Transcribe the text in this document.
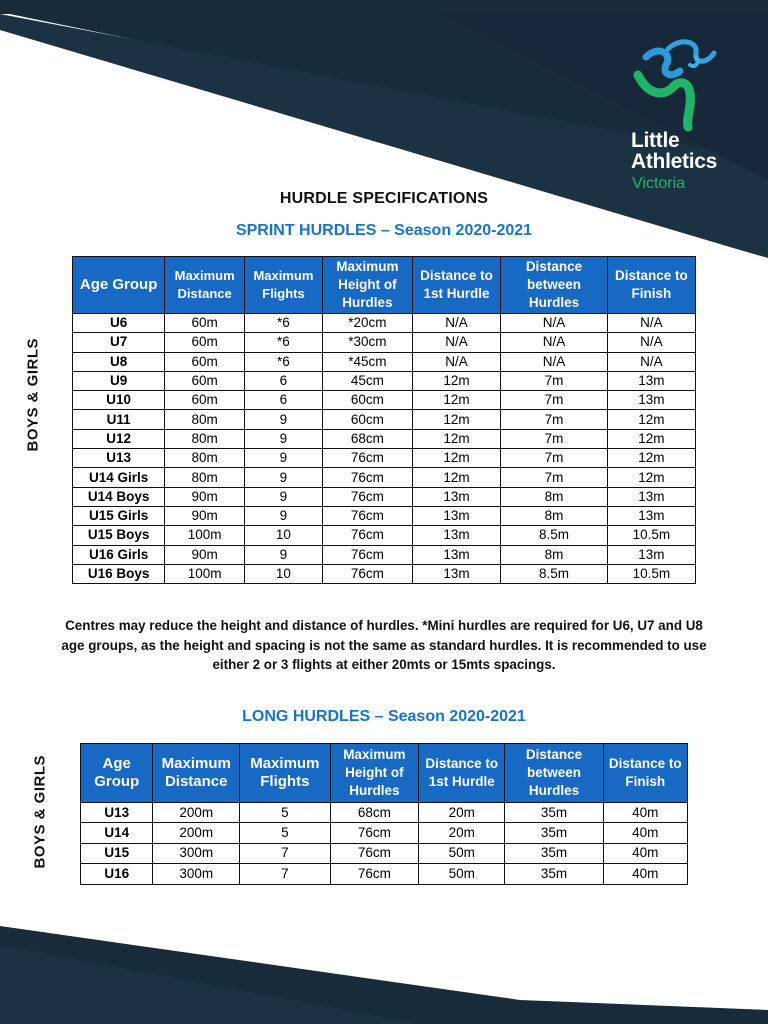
Little
Athletics
Victoria
HURDLE SPECIFICATIONS
SPRINT HURDLES – Season 2020-2021
BOYS & GIRLS
BOYS & GIRLS
Age Group	Maximum Distance	Maximum Flights	Maximum Height of Hurdles	Distance to 1st Hurdle	Distance between Hurdles	Distance to Finish
U6	60m	*6	*20cm	N/A	N/A	N/A
U7	60m	*6	*30cm	N/A	N/A	N/A
U8	60m	*6	*45cm	N/A	N/A	N/A
U9	60m	6	45cm	12m	7m	13m
U10	60m	6	60cm	12m	7m	13m
U11	80m	9	60cm	12m	7m	12m
U12	80m	9	68cm	12m	7m	12m
U13	80m	9	76cm	12m	7m	12m
U14 Girls	80m	9	76cm	12m	7m	12m
U14 Boys	90m	9	76cm	13m	8m	13m
U15 Girls	90m	9	76cm	13m	8m	13m
U15 Boys	100m	10	76cm	13m	8.5m	10.5m
U16 Girls	90m	9	76cm	13m	8m	13m
U16 Boys	100m	10	76cm	13m	8.5m	10.5m
Centres may reduce the height and distance of hurdles. *Mini hurdles are required for U6, U7 and U8 age groups, as the height and spacing is not the same as standard hurdles. It is recommended to use either 2 or 3 flights at either 20mts or 15mts spacings.
LONG HURDLES – Season 2020-2021
Age Group	Maximum Distance	Maximum Flights	Maximum Height of Hurdles	Distance to 1st Hurdle	Distance between Hurdles	Distance to Finish
U13	200m	5	68cm	20m	35m	40m
U14	200m	5	76cm	20m	35m	40m
U15	300m	7	76cm	50m	35m	40m
U16	300m	7	76cm	50m	35m	40m
